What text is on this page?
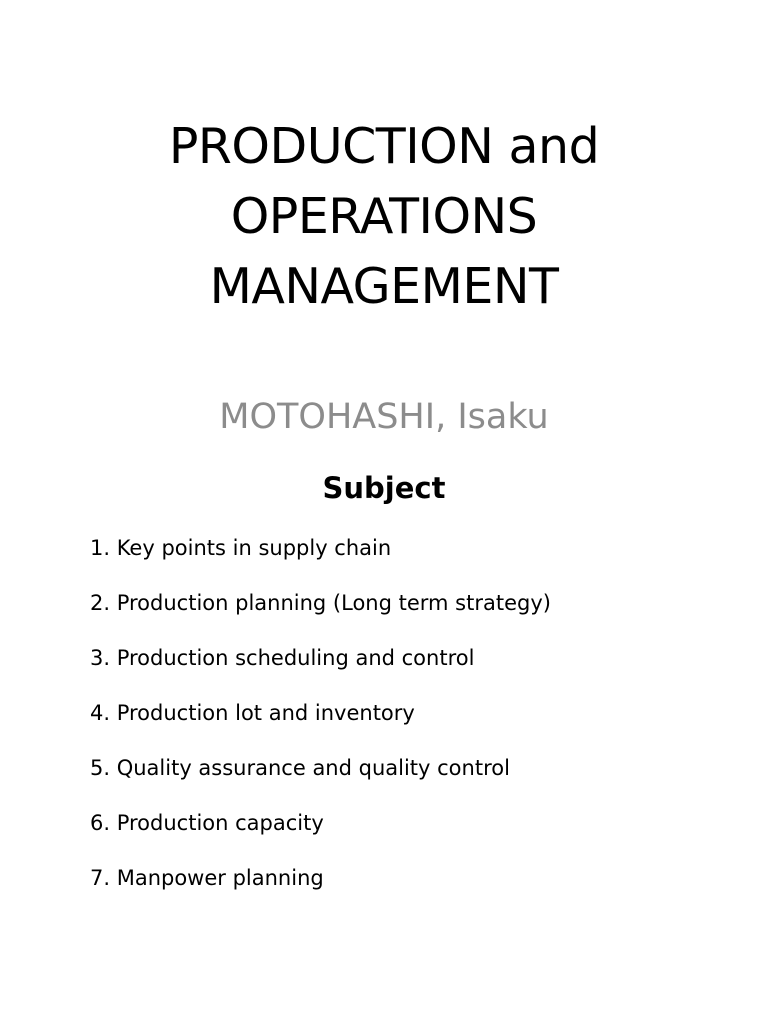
PRODUCTION and
OPERATIONS
MANAGEMENT

MOTOHASHI, Isaku

Subject
1. Key points in supply chain
2. Production planning (Long term strategy)
3. Production scheduling and control
4. Production lot and inventory
5. Quality assurance and quality control
6. Production capacity
7. Manpower planning
